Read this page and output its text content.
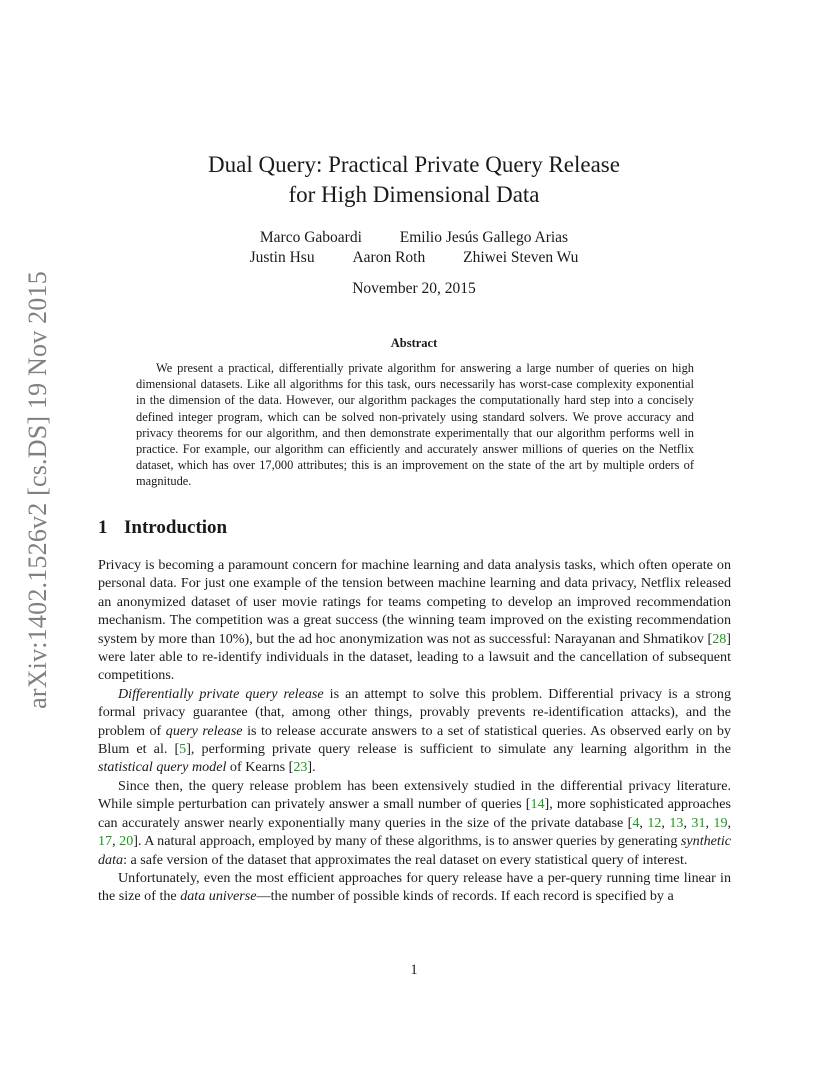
arXiv:1402.1526v2 [cs.DS] 19 Nov 2015
Dual Query: Practical Private Query Release
for High Dimensional Data
Marco Gaboardi Emilio Jesús Gallego Arias
Justin Hsu Aaron Roth Zhiwei Steven Wu
November 20, 2015
Abstract

We present a practical, differentially private algorithm for answering a large number of queries on high dimensional datasets. Like all algorithms for this task, ours necessarily has worst-case complexity exponential in the dimension of the data. However, our algorithm packages the computationally hard step into a concisely defined integer program, which can be solved non-privately using standard solvers. We prove accuracy and privacy theorems for our algorithm, and then demonstrate experimentally that our algorithm performs well in practice. For example, our algorithm can efficiently and accurately answer millions of queries on the Netflix dataset, which has over 17,000 attributes; this is an improvement on the state of the art by multiple orders of magnitude.

1 Introduction

Privacy is becoming a paramount concern for machine learning and data analysis tasks, which often operate on personal data. For just one example of the tension between machine learning and data privacy, Netflix released an anonymized dataset of user movie ratings for teams competing to develop an improved recommendation mechanism. The competition was a great success (the winning team improved on the existing recommendation system by more than 10%), but the ad hoc anonymization was not as successful: Narayanan and Shmatikov [28] were later able to re-identify individuals in the dataset, leading to a lawsuit and the cancellation of subsequent competitions.

Differentially private query release is an attempt to solve this problem. Differential privacy is a strong formal privacy guarantee (that, among other things, provably prevents re-identification attacks), and the problem of query release is to release accurate answers to a set of statistical queries. As observed early on by Blum et al. [5], performing private query release is sufficient to simulate any learning algorithm in the statistical query model of Kearns [23].

Since then, the query release problem has been extensively studied in the differential privacy literature. While simple perturbation can privately answer a small number of queries [14], more sophisticated approaches can accurately answer nearly exponentially many queries in the size of the private database [4, 12, 13, 31, 19, 17, 20]. A natural approach, employed by many of these algorithms, is to answer queries by generating synthetic data: a safe version of the dataset that approximates the real dataset on every statistical query of interest.

Unfortunately, even the most efficient approaches for query release have a per-query running time linear in the size of the data universe—the number of possible kinds of records. If each record is specified by a

1
